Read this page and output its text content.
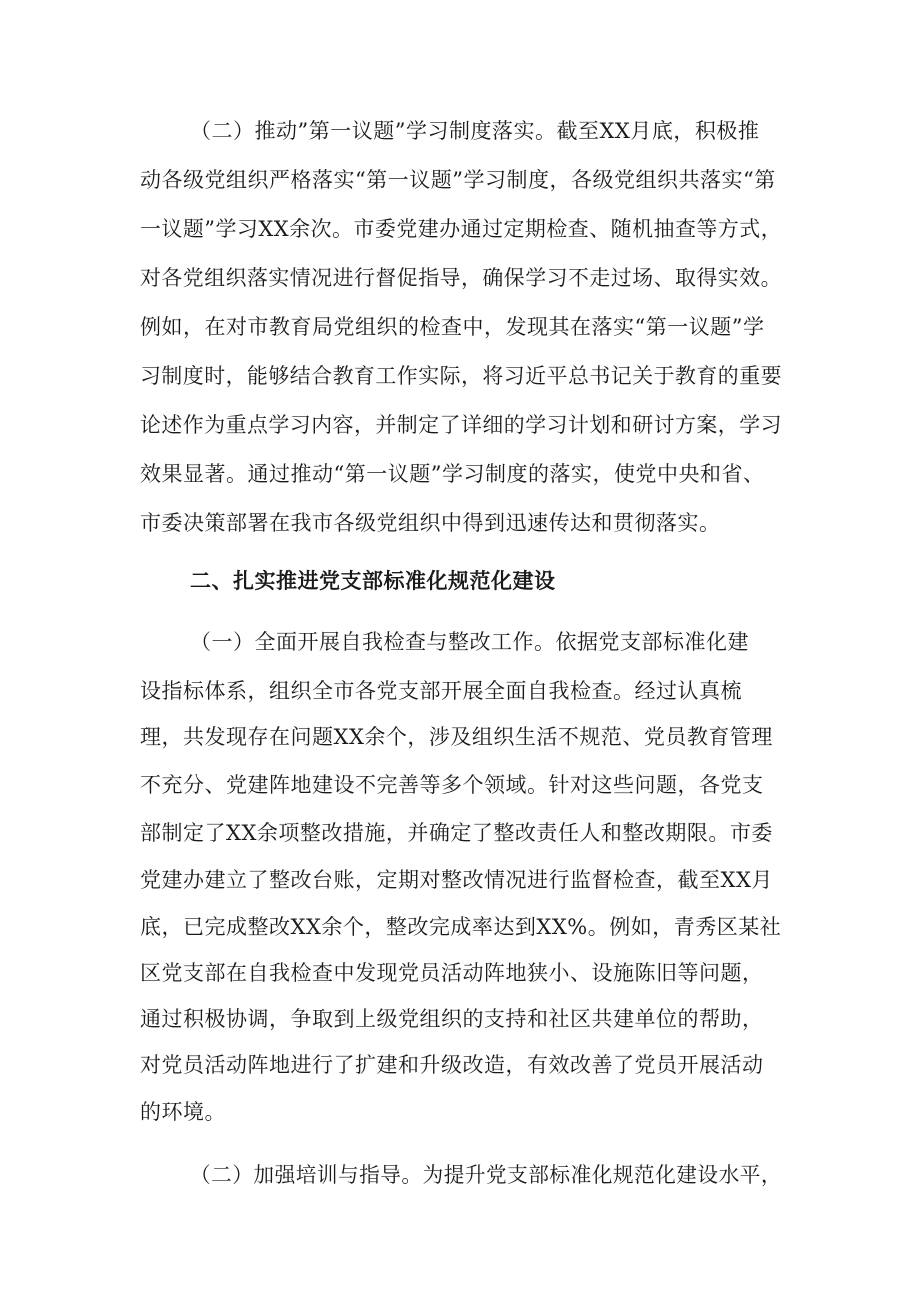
（二）推动”第一议题”学习制度落实。截至XX月底，积极推
动各级党组织严格落实“第一议题”学习制度，各级党组织共落实“第
一议题”学习XX余次。市委党建办通过定期检查、随机抽查等方式，
对各党组织落实情况进行督促指导，确保学习不走过场、取得实效。
例如，在对市教育局党组织的检查中，发现其在落实“第一议题”学
习制度时，能够结合教育工作实际，将习近平总书记关于教育的重要
论述作为重点学习内容，并制定了详细的学习计划和研讨方案，学习
效果显著。通过推动“第一议题”学习制度的落实，使党中央和省、
市委决策部署在我市各级党组织中得到迅速传达和贯彻落实。
二、扎实推进党支部标准化规范化建设
（一）全面开展自我检查与整改工作。依据党支部标准化建
设指标体系，组织全市各党支部开展全面自我检查。经过认真梳
理，共发现存在问题XX余个，涉及组织生活不规范、党员教育管理
不充分、党建阵地建设不完善等多个领域。针对这些问题，各党支
部制定了XX余项整改措施，并确定了整改责任人和整改期限。市委
党建办建立了整改台账，定期对整改情况进行监督检查，截至XX月
底，已完成整改XX余个，整改完成率达到XX%。例如，青秀区某社
区党支部在自我检查中发现党员活动阵地狭小、设施陈旧等问题，
通过积极协调，争取到上级党组织的支持和社区共建单位的帮助，
对党员活动阵地进行了扩建和升级改造，有效改善了党员开展活动
的环境。
（二）加强培训与指导。为提升党支部标准化规范化建设水平，
